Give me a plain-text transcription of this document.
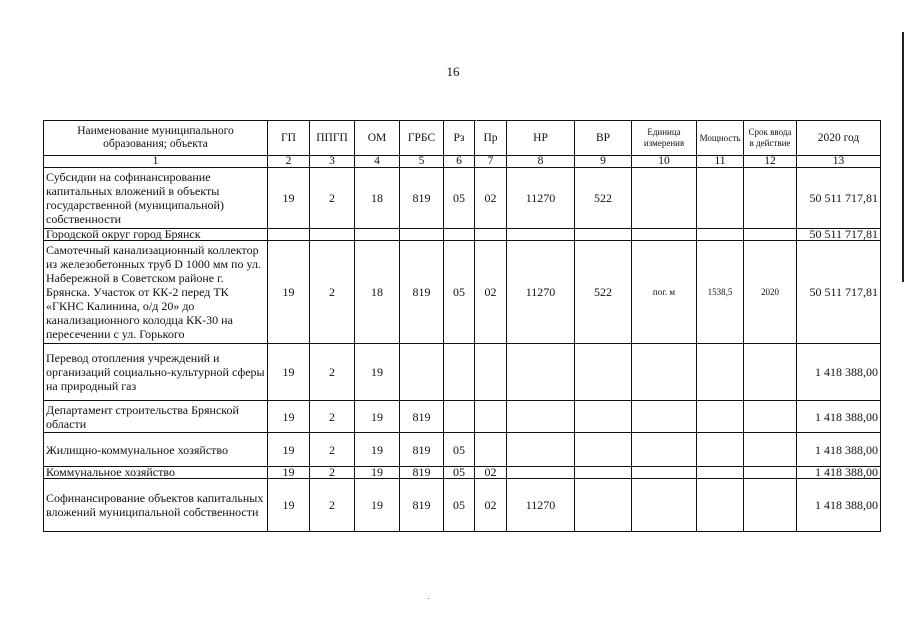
16
Наименование муниципального образования; объекта	ГП	ППГП	ОМ	ГРБС	Рз	Пр	НР	ВР	Единица измерения	Мощность	Срок ввода в действие	2020 год
1	2	3	4	5	6	7	8	9	10	11	12	13
Субсидии на софинансирование капитальных вложений в объекты государственной (муниципальной) собственности	19	2	18	819	05	02	11270	522				50 511 717,81
Городской округ город Брянск												50 511 717,81
Самотечный канализационный коллектор из железобетонных труб D 1000 мм по ул. Набережной в Советском районе г. Брянска. Участок от КК-2 перед ТК «ГКНС Калинина, о/д 20» до канализационного колодца КК-30 на пересечении с ул. Горького	19	2	18	819	05	02	11270	522	пог. м	1538,5	2020	50 511 717,81
Перевод отопления учреждений и организаций социально-культурной сферы на природный газ	19	2	19									1 418 388,00
Департамент строительства Брянской области	19	2	19	819								1 418 388,00
Жилищно-коммунальное хозяйство	19	2	19	819	05							1 418 388,00
Коммунальное хозяйство	19	2	19	819	05	02						1 418 388,00
Софинансирование объектов капитальных вложений муниципальной собственности	19	2	19	819	05	02	11270					1 418 388,00
